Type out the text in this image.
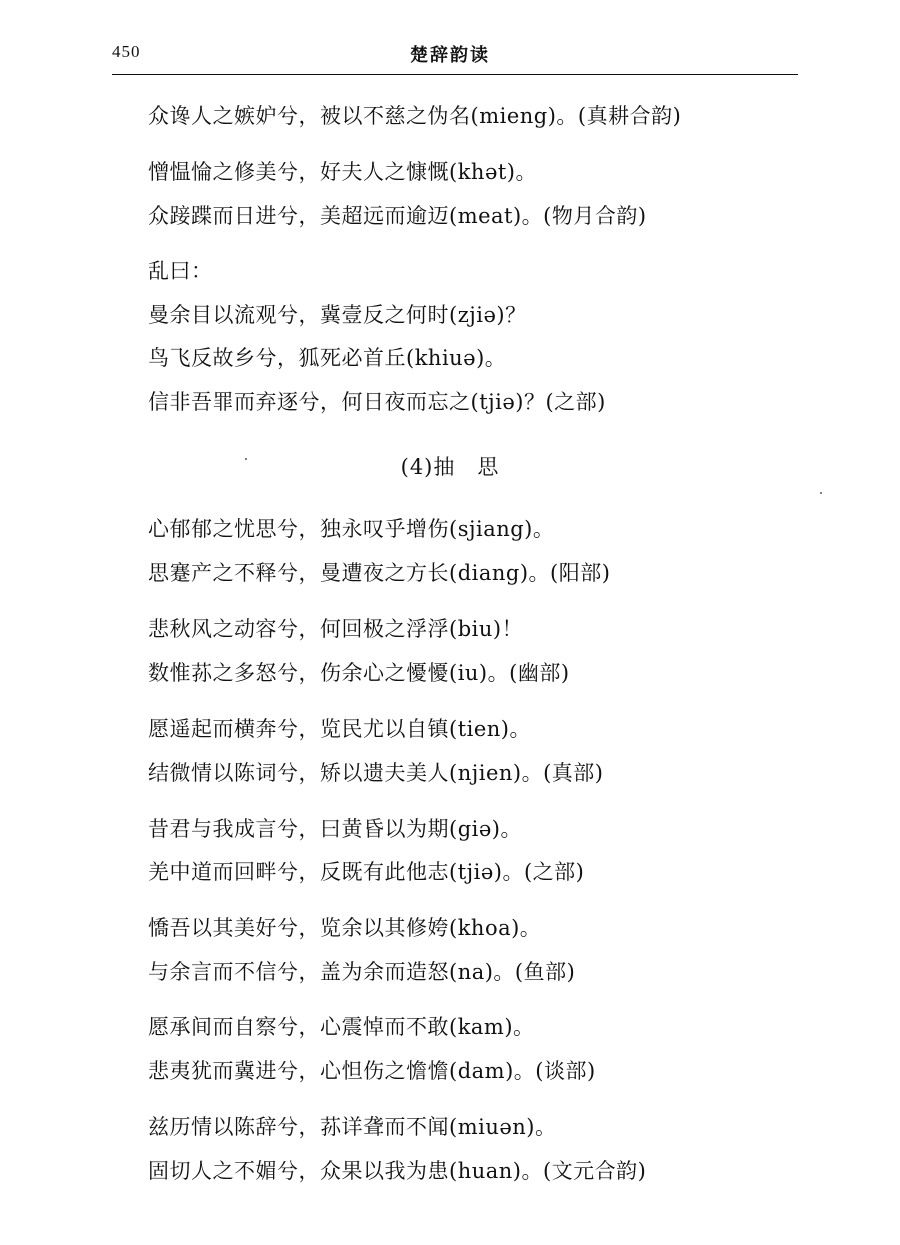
450	楚辞韵读
众谗人之嫉妒兮，被以不慈之伪名(mieng)。(真耕合韵)
憎愠惀之修美兮，好夫人之慷慨(khət)。
众踥蹀而日进兮，美超远而逾迈(meat)。(物月合韵)
乱曰：
曼余目以流观兮，冀壹反之何时(zjiə)？
鸟飞反故乡兮，狐死必首丘(khiuə)。
信非吾罪而弃逐兮，何日夜而忘之(tjiə)？(之部)
(4)抽　思
心郁郁之忧思兮，独永叹乎增伤(sjiang)。
思蹇产之不释兮，曼遭夜之方长(diang)。(阳部)
悲秋风之动容兮，何回极之浮浮(biu)！
数惟荪之多怒兮，伤余心之懮懮(iu)。(幽部)
愿遥起而横奔兮，览民尤以自镇(tien)。
结微情以陈词兮，矫以遗夫美人(njien)。(真部)
昔君与我成言兮，曰黄昏以为期(giə)。
羌中道而回畔兮，反既有此他志(tjiə)。(之部)
憍吾以其美好兮，览余以其修姱(khoa)。
与余言而不信兮，盖为余而造怒(na)。(鱼部)
愿承间而自察兮，心震悼而不敢(kam)。
悲夷犹而冀进兮，心怛伤之憺憺(dam)。(谈部)
兹历情以陈辞兮，荪详聋而不闻(miuən)。
固切人之不媚兮，众果以我为患(huan)。(文元合韵)
